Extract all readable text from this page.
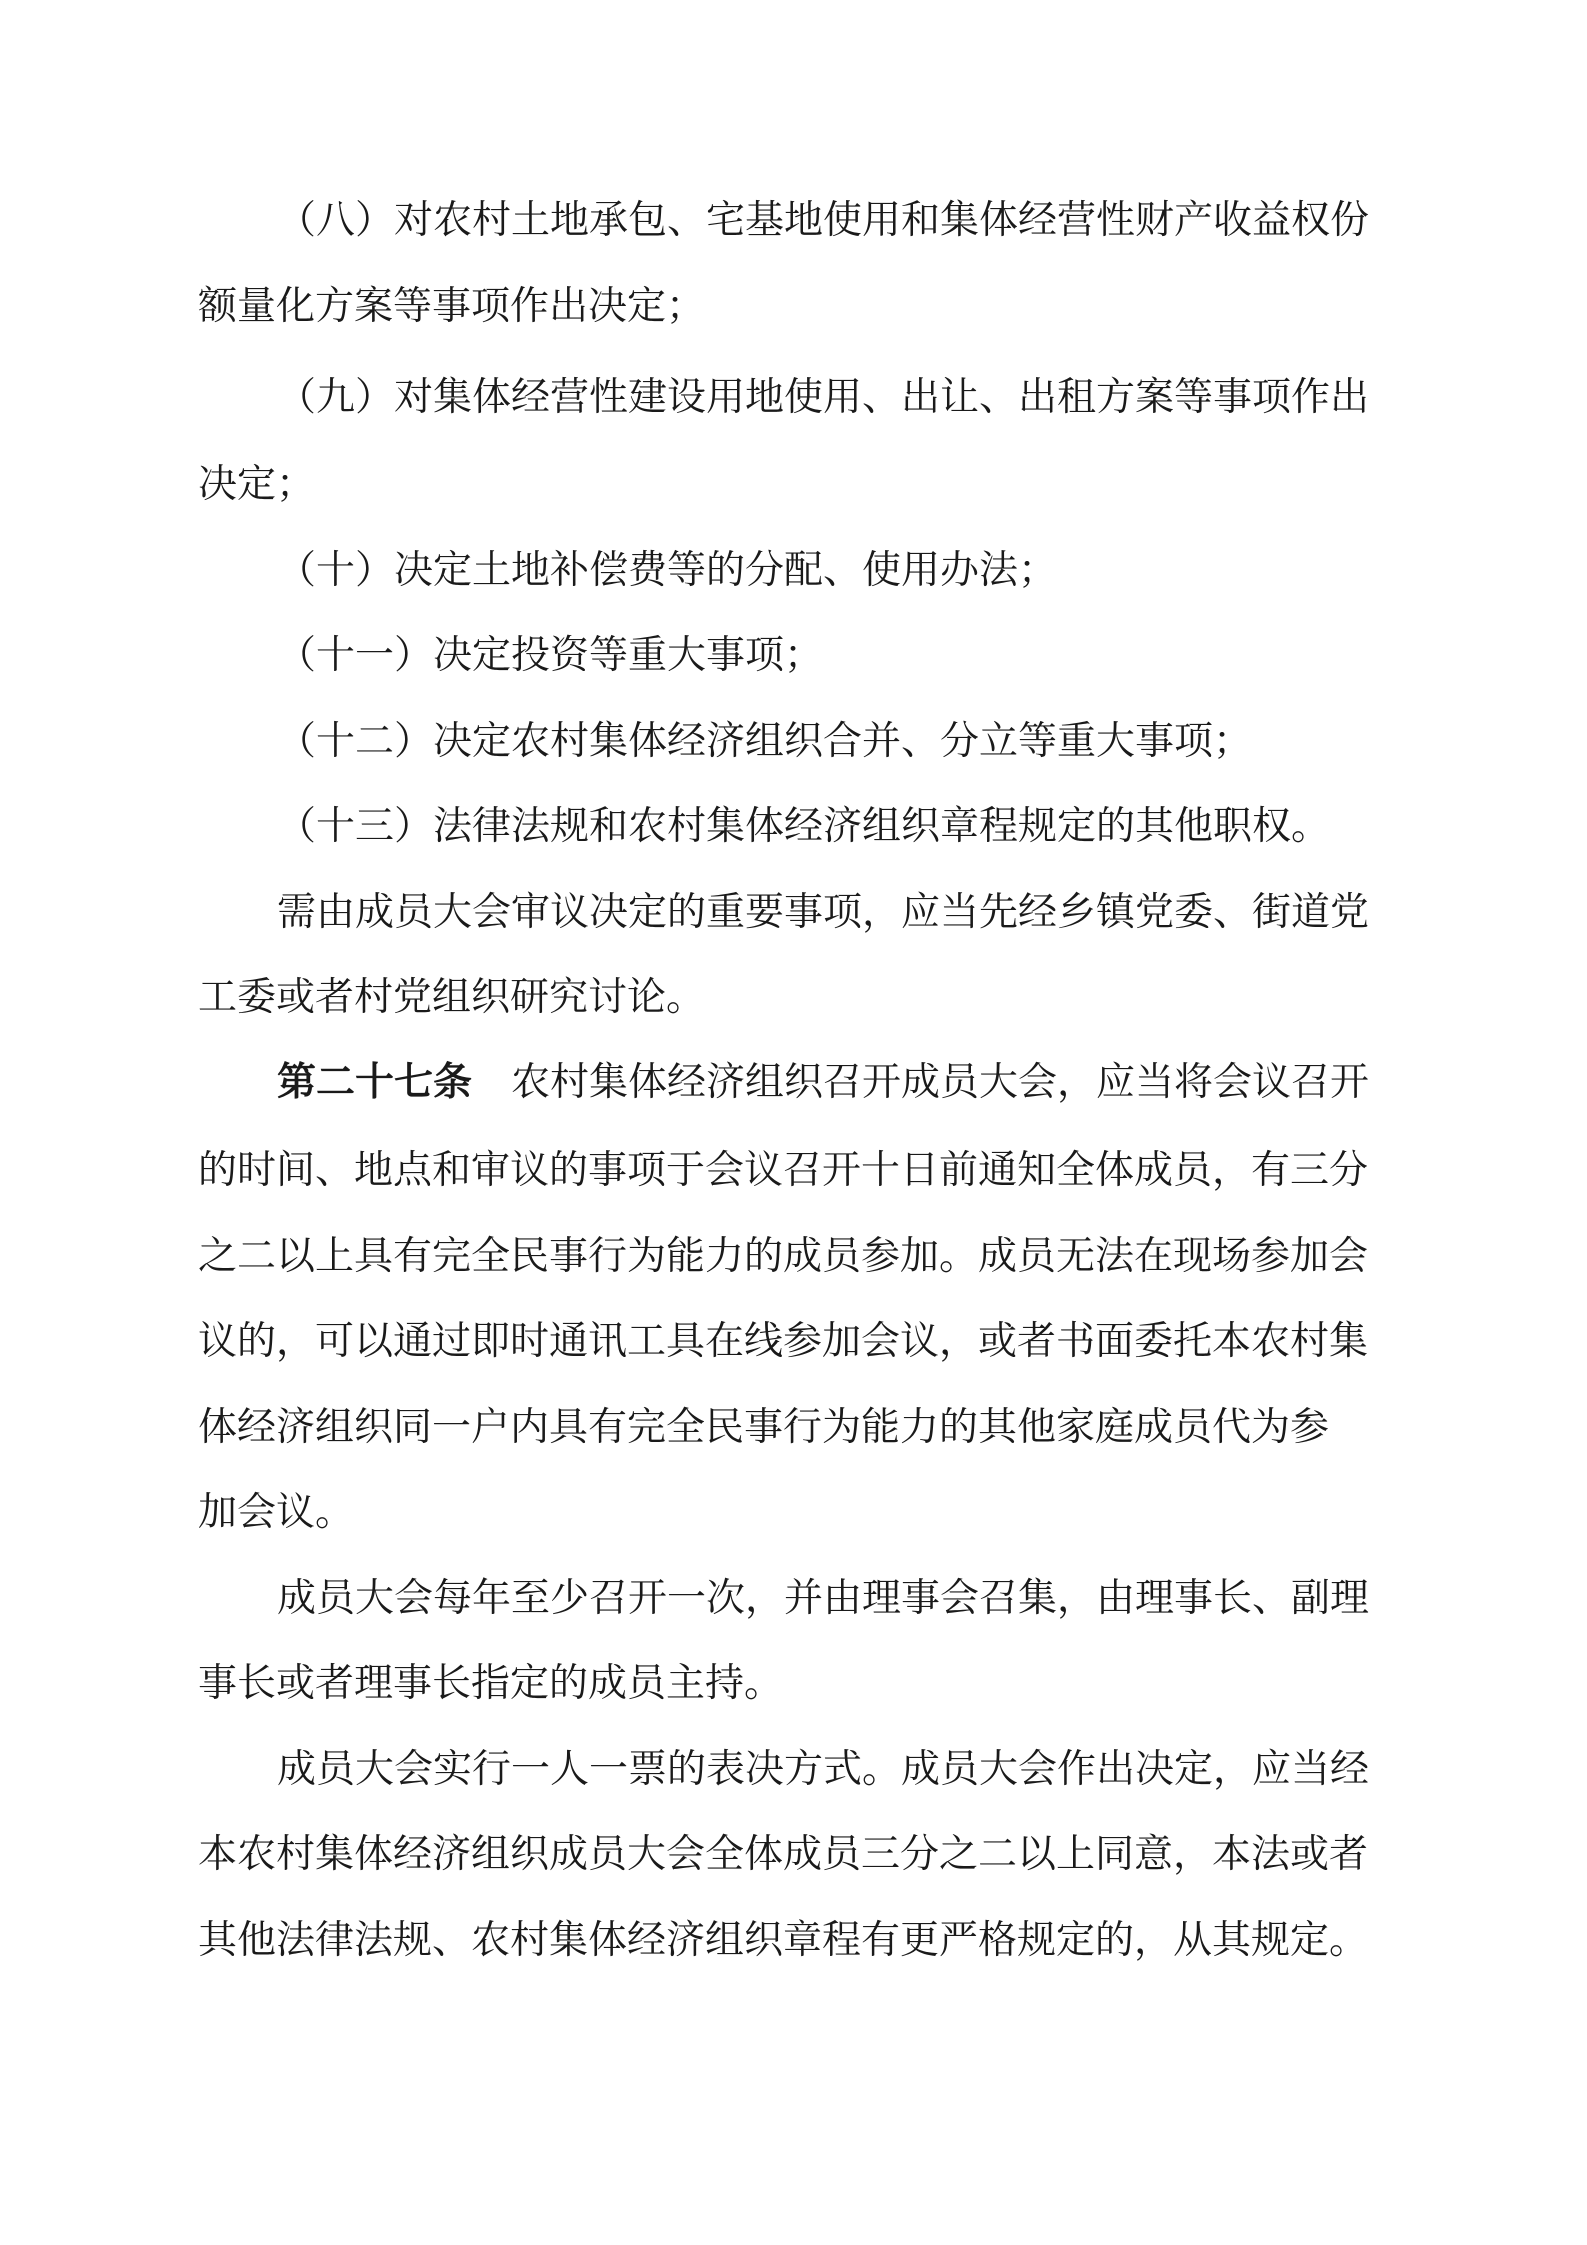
（八）对农村土地承包、宅基地使用和集体经营性财产收益权份
额量化方案等事项作出决定；
（九）对集体经营性建设用地使用、出让、出租方案等事项作出
决定；
（十）决定土地补偿费等的分配、使用办法；
（十一）决定投资等重大事项；
（十二）决定农村集体经济组织合并、分立等重大事项；
（十三）法律法规和农村集体经济组织章程规定的其他职权。
需由成员大会审议决定的重要事项，应当先经乡镇党委、街道党
工委或者村党组织研究讨论。
第二十七条 农村集体经济组织召开成员大会，应当将会议召开
的时间、地点和审议的事项于会议召开十日前通知全体成员，有三分
之二以上具有完全民事行为能力的成员参加。成员无法在现场参加会
议的，可以通过即时通讯工具在线参加会议，或者书面委托本农村集
体经济组织同一户内具有完全民事行为能力的其他家庭成员代为参
加会议。
成员大会每年至少召开一次，并由理事会召集，由理事长、副理
事长或者理事长指定的成员主持。
成员大会实行一人一票的表决方式。成员大会作出决定，应当经
本农村集体经济组织成员大会全体成员三分之二以上同意，本法或者
其他法律法规、农村集体经济组织章程有更严格规定的，从其规定。
